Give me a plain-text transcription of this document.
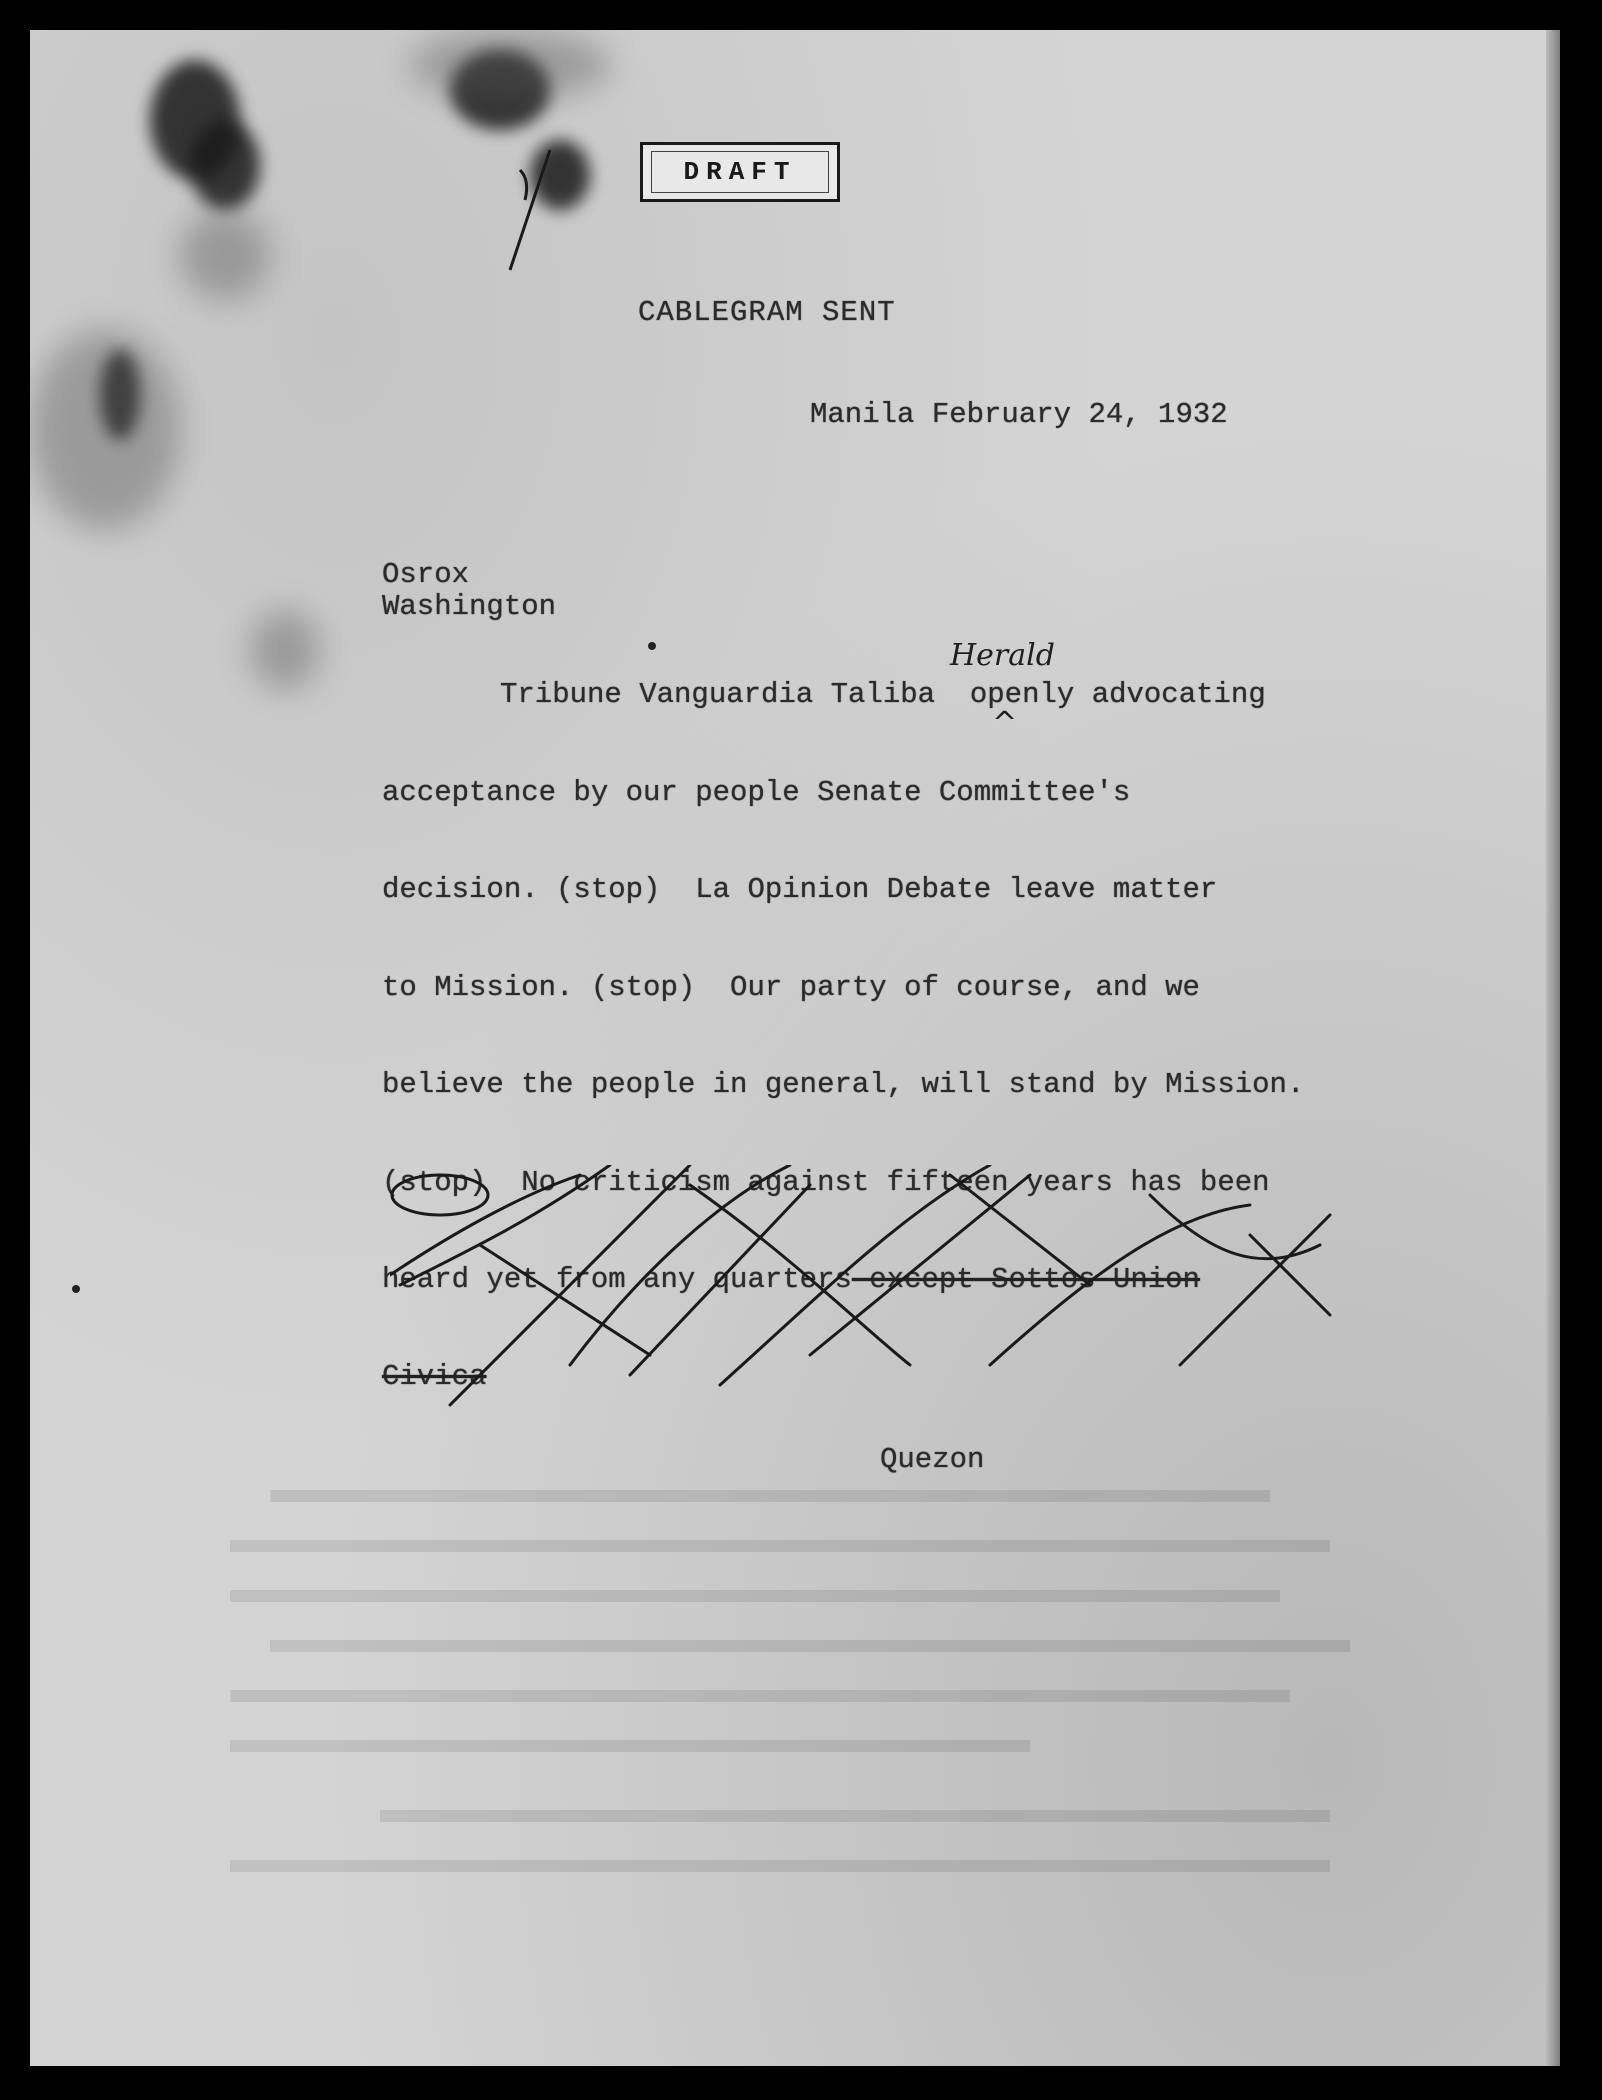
DRAFT
CABLEGRAM SENT
Manila February 24, 1932
Osrox
Washington
Herald
^
Tribune Vanguardia Taliba  openly advocating
acceptance by our people Senate Committee's
decision. (stop)  La Opinion Debate leave matter
to Mission. (stop)  Our party of course, and we
believe the people in general, will stand by Mission.
(stop)  No criticism against fifteen years has been
heard yet from any quarters except Sottos Union
Civica
Quezon
